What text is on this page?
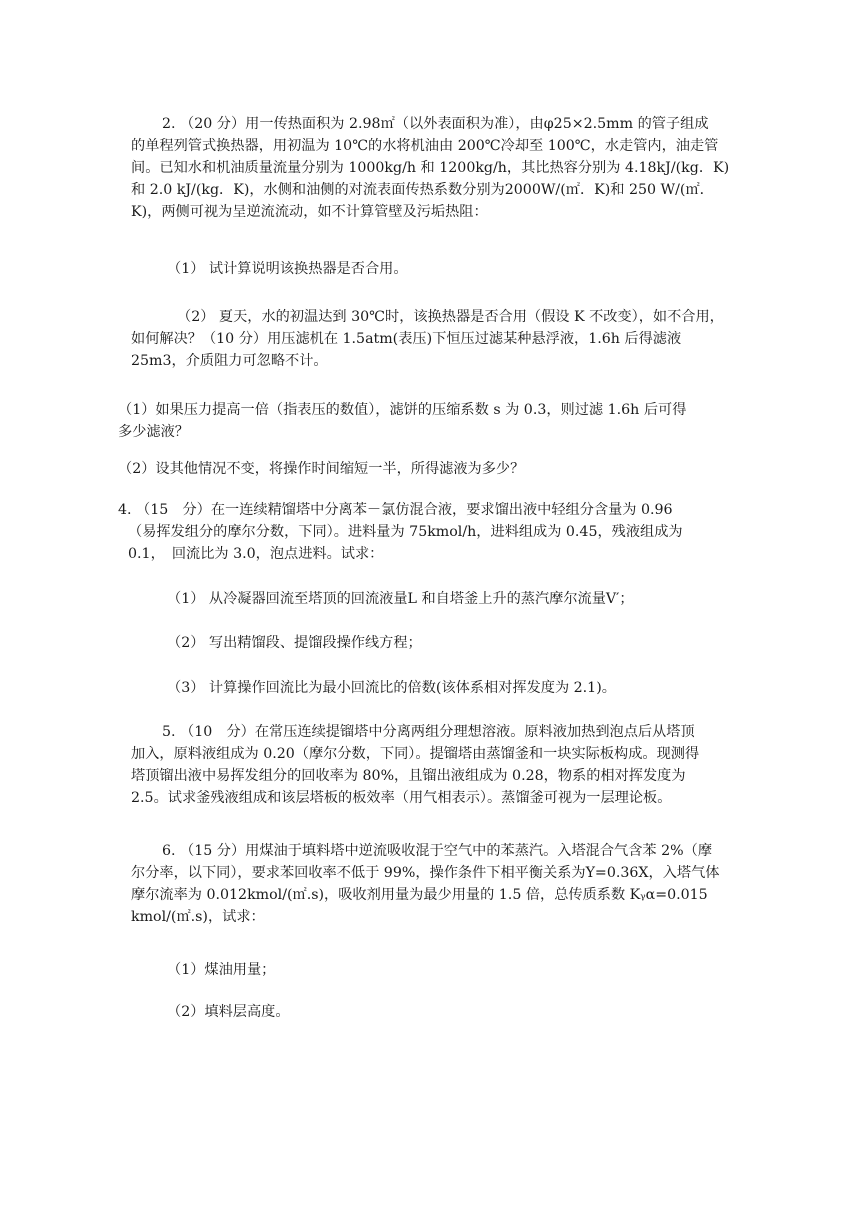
2. （20 分）用一传热面积为 2.98㎡（以外表面积为准），由φ25×2.5mm 的管子组成
的单程列管式换热器，用初温为 10℃的水将机油由 200℃冷却至 100℃，水走管内，油走管
间。已知水和机油质量流量分别为 1000kg/h 和 1200kg/h，其比热容分别为 4.18kJ/(kg．K)
和 2.0 kJ/(kg．K)，水侧和油侧的对流表面传热系数分别为2000W/(㎡．K)和 250 W/(㎡．
K)，两侧可视为呈逆流流动，如不计算管壁及污垢热阻：
（1） 试计算说明该换热器是否合用。
（2） 夏天，水的初温达到 30℃时，该换热器是否合用（假设 K 不改变），如不合用，
如何解决？（10 分）用压滤机在 1.5atm(表压)下恒压过滤某种悬浮液，1.6h 后得滤液
25m3，介质阻力可忽略不计。
（1）如果压力提高一倍（指表压的数值），滤饼的压缩系数 s 为 0.3，则过滤 1.6h 后可得
多少滤液？
（2）设其他情况不变，将操作时间缩短一半，所得滤液为多少？
4. （15　分）在一连续精馏塔中分离苯－氯仿混合液，要求馏出液中轻组分含量为 0.96
（易挥发组分的摩尔分数，下同）。进料量为 75kmol/h，进料组成为 0.45，残液组成为
0.1，　回流比为 3.0，泡点进料。试求：
（1） 从冷凝器回流至塔顶的回流液量L 和自塔釜上升的蒸汽摩尔流量V′；
（2） 写出精馏段、提馏段操作线方程；
（3） 计算操作回流比为最小回流比的倍数(该体系相对挥发度为 2.1)。
5. （10　分）在常压连续提镏塔中分离两组分理想溶液。原料液加热到泡点后从塔顶
加入，原料液组成为 0.20（摩尔分数，下同）。提镏塔由蒸馏釜和一块实际板构成。现测得
塔顶镏出液中易挥发组分的回收率为 80%，且镏出液组成为 0.28，物系的相对挥发度为
2.5。试求釜残液组成和该层塔板的板效率（用气相表示）。蒸馏釜可视为一层理论板。
6. （15 分）用煤油于填料塔中逆流吸收混于空气中的苯蒸汽。入塔混合气含苯 2%（摩
尔分率，以下同），要求苯回收率不低于 99%，操作条件下相平衡关系为Y=0.36X，入塔气体
摩尔流率为 0.012kmol/(㎡.s)，吸收剂用量为最少用量的 1.5 倍，总传质系数 Kᵧα=0.015
kmol/(㎡.s)，试求：
（1）煤油用量；
（2）填料层高度。
